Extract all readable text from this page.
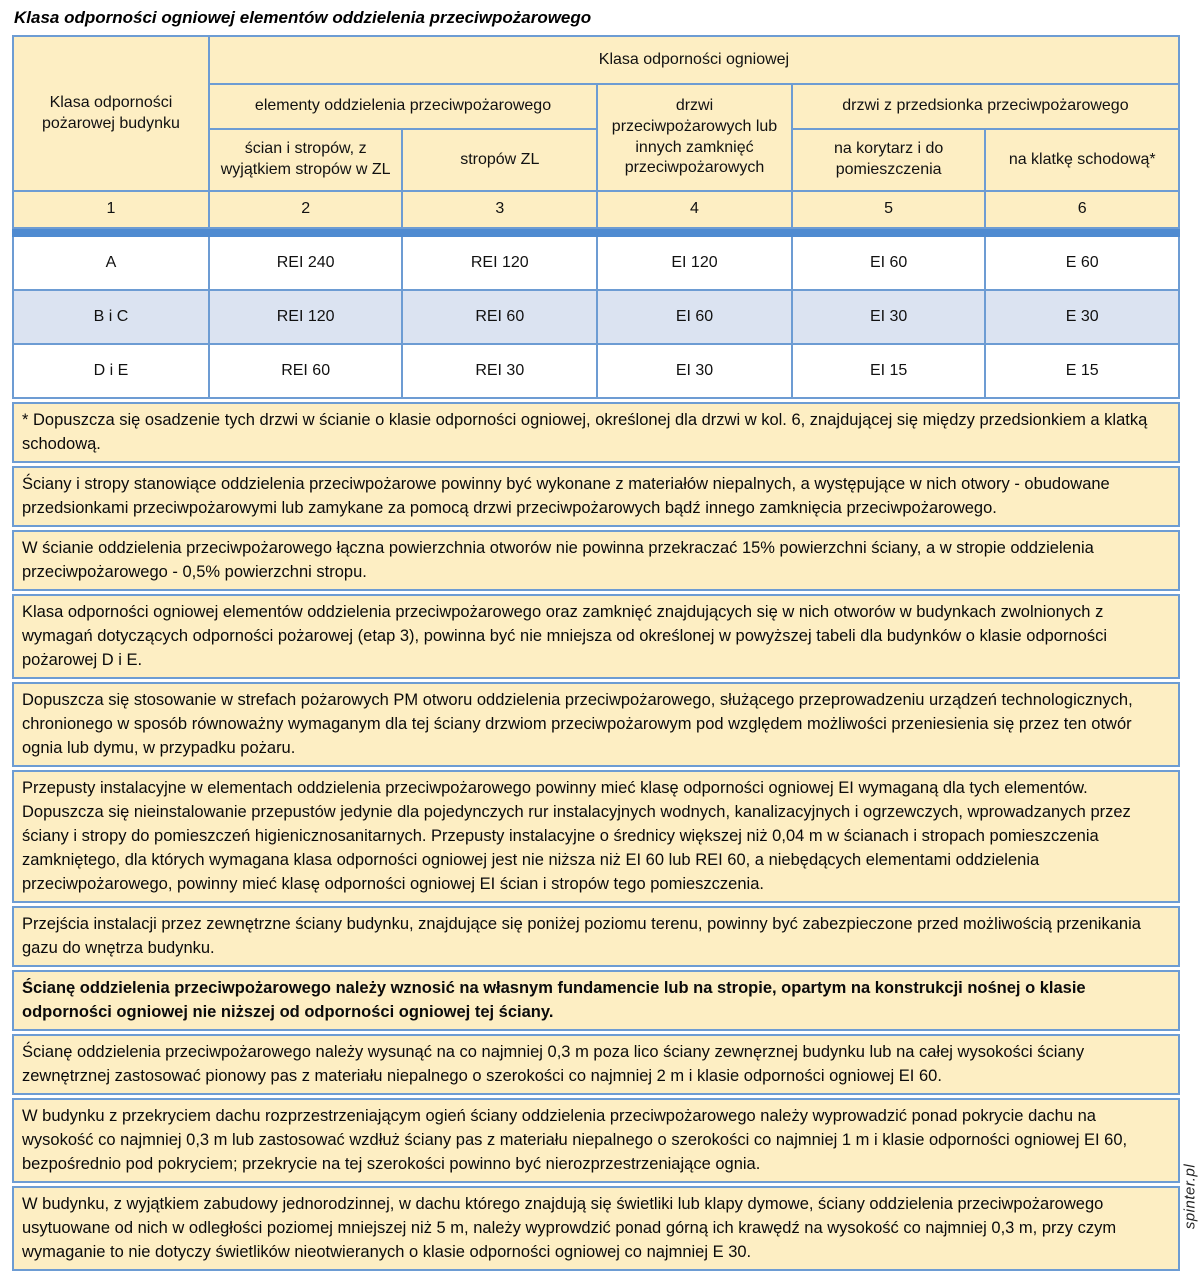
Klasa odporności ogniowej elementów oddzielenia przeciwpożarowego
Klasa odporności pożarowej budynku	Klasa odporności ogniowej				
	elementy oddzielenia przeciwpożarowego		drzwi przeciwpożarowych lub innych zamknięć przeciwpożarowych	drzwi z przedsionka przeciwpożarowego	
	ścian i stropów, z wyjątkiem stropów w ZL	stropów ZL		na korytarz i do pomieszczenia	na klatkę schodową*
1	2	3	4	5	6

A	REI 240	REI 120	EI 120	EI 60	E 60
B i C	REI 120	REI 60	EI 60	EI 30	E 30
D i E	REI 60	REI 30	EI 30	EI 15	E 15
* Dopuszcza się osadzenie tych drzwi w ścianie o klasie odporności ogniowej, określonej dla drzwi w kol. 6, znajdującej się między przedsionkiem a klatką schodową.
Ściany i stropy stanowiące oddzielenia przeciwpożarowe powinny być wykonane z materiałów niepalnych, a występujące w nich otwory - obudowane przedsionkami przeciwpożarowymi lub zamykane za pomocą drzwi przeciwpożarowych bądź innego zamknięcia przeciwpożarowego.
W ścianie oddzielenia przeciwpożarowego łączna powierzchnia otworów nie powinna przekraczać 15% powierzchni ściany, a w stropie oddzielenia przeciwpożarowego - 0,5% powierzchni stropu.
Klasa odporności ogniowej elementów oddzielenia przeciwpożarowego oraz zamknięć znajdujących się w nich otworów w budynkach zwolnionych z wymagań dotyczących odporności pożarowej (etap 3), powinna być nie mniejsza od określonej w powyższej tabeli dla budynków o klasie odporności pożarowej D i E.
Dopuszcza się stosowanie w strefach pożarowych PM otworu oddzielenia przeciwpożarowego, służącego przeprowadzeniu urządzeń technologicznych, chronionego w sposób równoważny wymaganym dla tej ściany drzwiom przeciwpożarowym pod względem możliwości przeniesienia się przez ten otwór ognia lub dymu, w przypadku pożaru.
Przepusty instalacyjne w elementach oddzielenia przeciwpożarowego powinny mieć klasę odporności ogniowej EI wymaganą dla tych elementów. Dopuszcza się nieinstalowanie przepustów jedynie dla pojedynczych rur instalacyjnych wodnych, kanalizacyjnych i ogrzewczych, wprowadzanych przez ściany i stropy do pomieszczeń higienicznosanitarnych. Przepusty instalacyjne o średnicy większej niż 0,04 m w ścianach i stropach pomieszczenia zamkniętego, dla których wymagana klasa odporności ogniowej jest nie niższa niż EI 60 lub REI 60, a niebędących elementami oddzielenia przeciwpożarowego, powinny mieć klasę odporności ogniowej EI ścian i stropów tego pomieszczenia.
Przejścia instalacji przez zewnętrzne ściany budynku, znajdujące się poniżej poziomu terenu, powinny być zabezpieczone przed możliwością przenikania gazu do wnętrza budynku.
Ścianę oddzielenia przeciwpożarowego należy wznosić na własnym fundamencie lub na stropie, opartym na konstrukcji nośnej o klasie odporności ogniowej nie niższej od odporności ogniowej tej ściany.
Ścianę oddzielenia przeciwpożarowego należy wysunąć na co najmniej 0,3 m poza lico ściany zewnęrznej budynku lub na całej wysokości ściany zewnętrznej zastosować pionowy pas z materiału niepalnego o szerokości co najmniej 2 m i klasie odporności ogniowej EI 60.
W budynku z przekryciem dachu rozprzestrzeniającym ogień ściany oddzielenia przeciwpożarowego należy wyprowadzić ponad pokrycie dachu na wysokość co najmniej 0,3 m lub zastosować wzdłuż ściany pas z materiału niepalnego o szerokości co najmniej 1 m i klasie odporności ogniowej EI 60, bezpośrednio pod pokryciem; przekrycie na tej szerokości powinno być nierozprzestrzeniające ognia.
W budynku, z wyjątkiem zabudowy jednorodzinnej, w dachu którego znajdują się świetliki lub klapy dymowe, ściany oddzielenia przeciwpożarowego usytuowane od nich w odległości poziomej mniejszej niż 5 m, należy wyprowdzić ponad górną ich krawędź na wysokość co najmniej 0,3 m, przy czym wymaganie to nie dotyczy świetlików nieotwieranych o klasie odporności ogniowej co najmniej E 30.
spinter.pl
